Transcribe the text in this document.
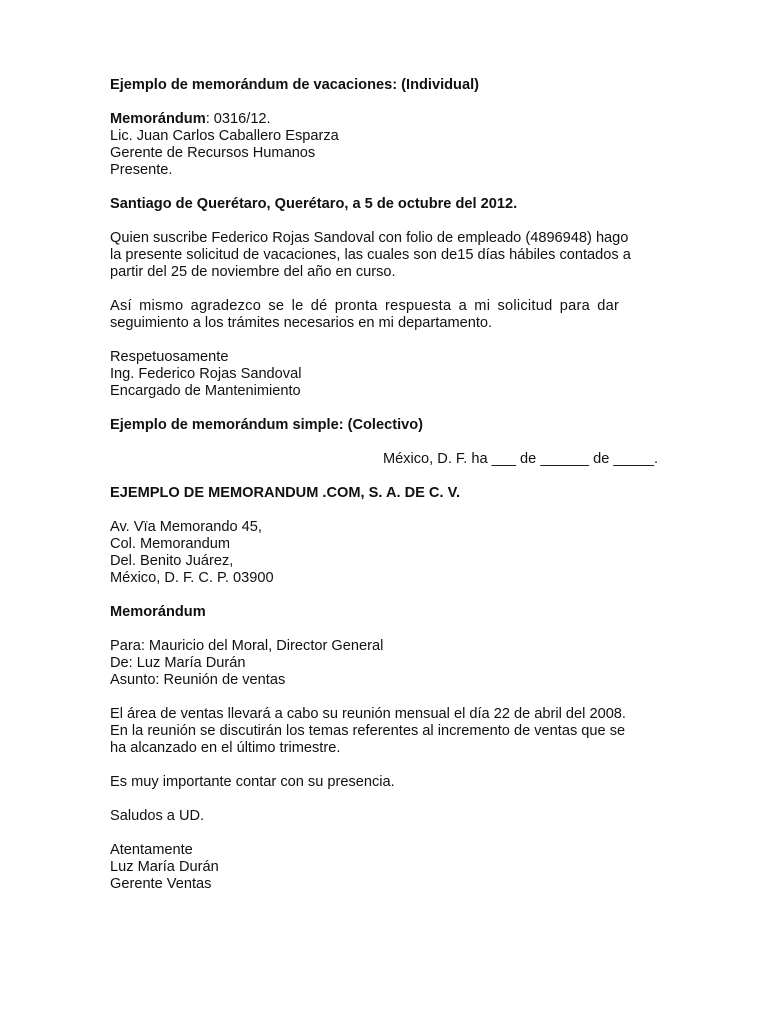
Ejemplo de memorándum de vacaciones: (Individual)

Memorándum: 0316/12.

Lic. Juan Carlos Caballero Esparza

Gerente de Recursos Humanos

Presente.

Santiago de Querétaro, Querétaro, a 5 de octubre del 2012.

Quien suscribe Federico Rojas Sandoval con folio de empleado (4896948) hago
la presente solicitud de vacaciones, las cuales son de15 días hábiles contados a
partir del 25 de noviembre del año en curso.

Así mismo agradezco se le dé pronta respuesta a mi solicitud para dar
seguimiento a los trámites necesarios en mi departamento.

Respetuosamente

Ing. Federico Rojas Sandoval

Encargado de Mantenimiento

Ejemplo de memorándum simple: (Colectivo)

México, D. F. ha ___ de ______ de _____.

EJEMPLO DE MEMORANDUM .COM, S. A. DE C. V.

Av. Vïa Memorando 45,

Col. Memorandum

Del. Benito Juárez,

México, D. F. C. P. 03900

Memorándum

Para: Mauricio del Moral, Director General

De: Luz María Durán

Asunto: Reunión de ventas

El área de ventas llevará a cabo su reunión mensual el día 22 de abril del 2008.
En la reunión se discutirán los temas referentes al incremento de ventas que se
ha alcanzado en el último trimestre.

Es muy importante contar con su presencia.

Saludos a UD.

Atentamente

Luz María Durán

Gerente Ventas
